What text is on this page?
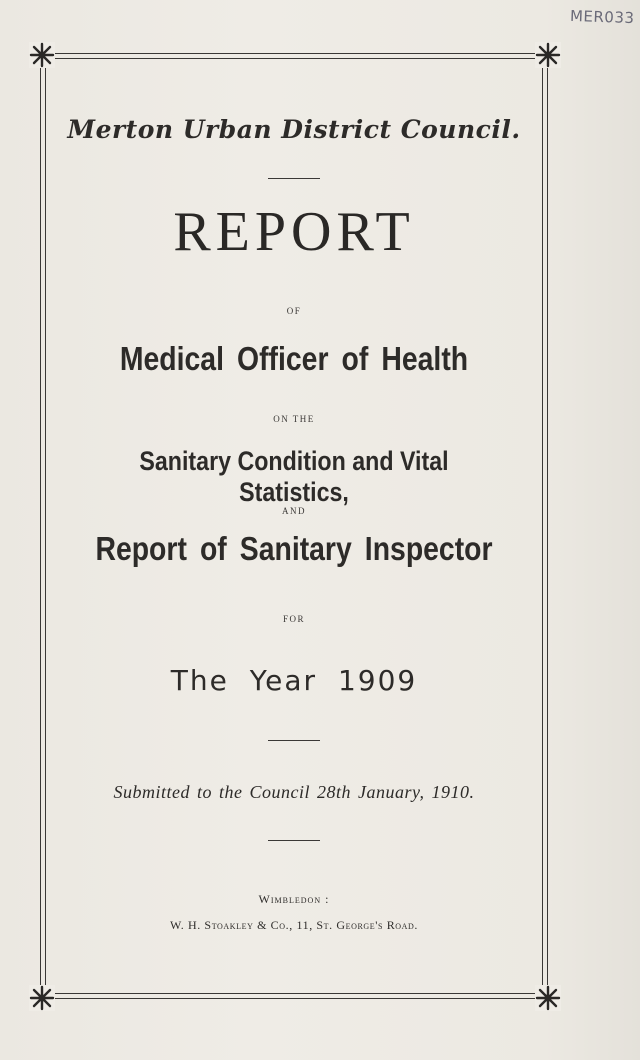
MER033
Merton Urban District Council.
REPORT
OF
Medical Officer of Health
ON THE
Sanitary Condition and Vital Statistics,
AND
Report of Sanitary Inspector
FOR
The Year 1909
Submitted to the Council 28th January, 1910.
Wimbledon :
W. H. Stoakley & Co., 11, St. George's Road.
